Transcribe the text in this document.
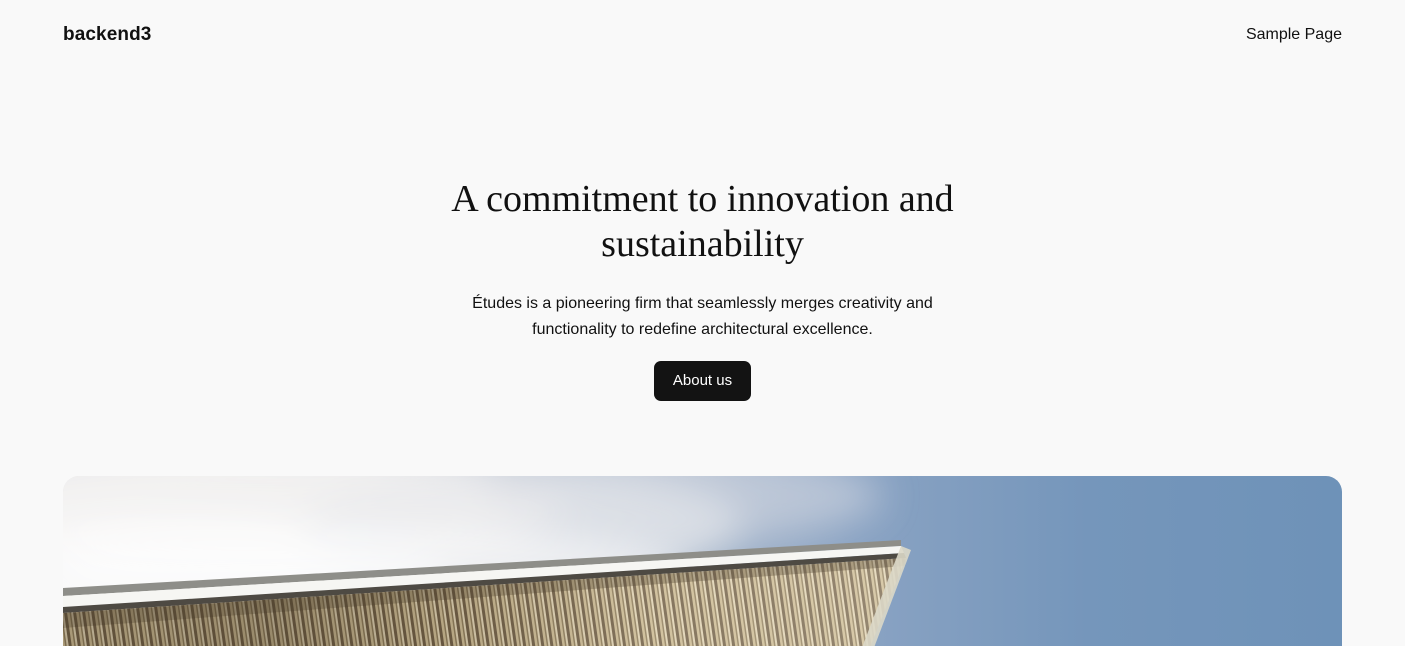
backend3	Sample Page
A commitment to innovation and sustainability

Études is a pioneering firm that seamlessly merges creativity and functionality to redefine architectural excellence.

About us
